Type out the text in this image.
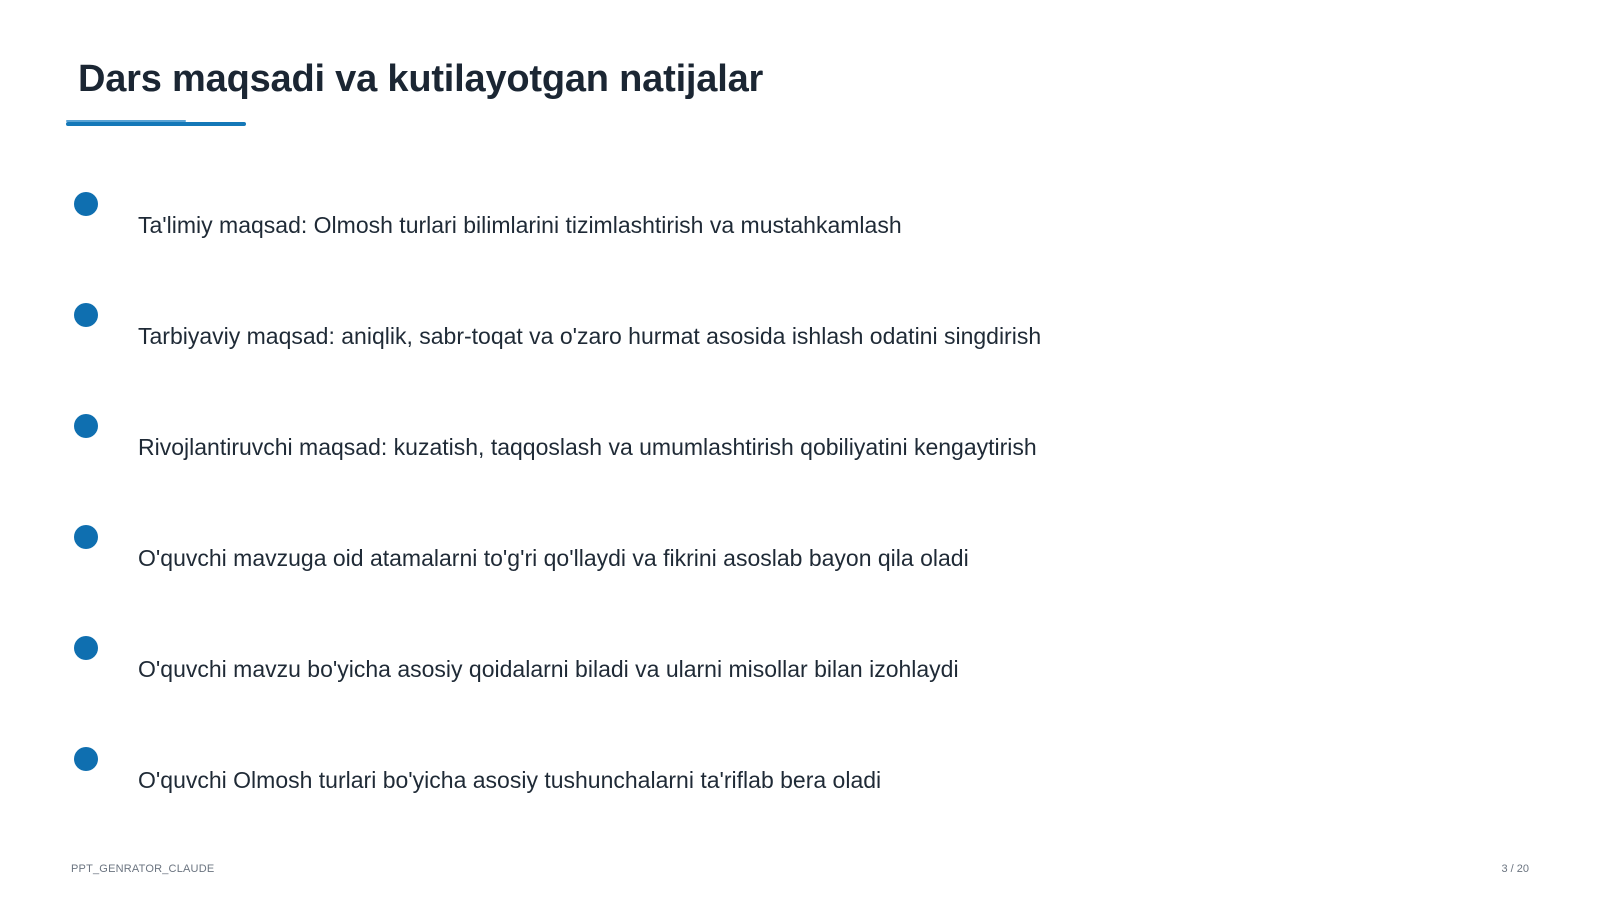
Dars maqsadi va kutilayotgan natijalar
Ta'limiy maqsad: Olmosh turlari bilimlarini tizimlashtirish va mustahkamlash
Tarbiyaviy maqsad: aniqlik, sabr-toqat va o'zaro hurmat asosida ishlash odatini singdirish
Rivojlantiruvchi maqsad: kuzatish, taqqoslash va umumlashtirish qobiliyatini kengaytirish
O'quvchi mavzuga oid atamalarni to'g'ri qo'llaydi va fikrini asoslab bayon qila oladi
O'quvchi mavzu bo'yicha asosiy qoidalarni biladi va ularni misollar bilan izohlaydi
O'quvchi Olmosh turlari bo'yicha asosiy tushunchalarni ta'riflab bera oladi
PPT_GENRATOR_CLAUDE	3 / 20
